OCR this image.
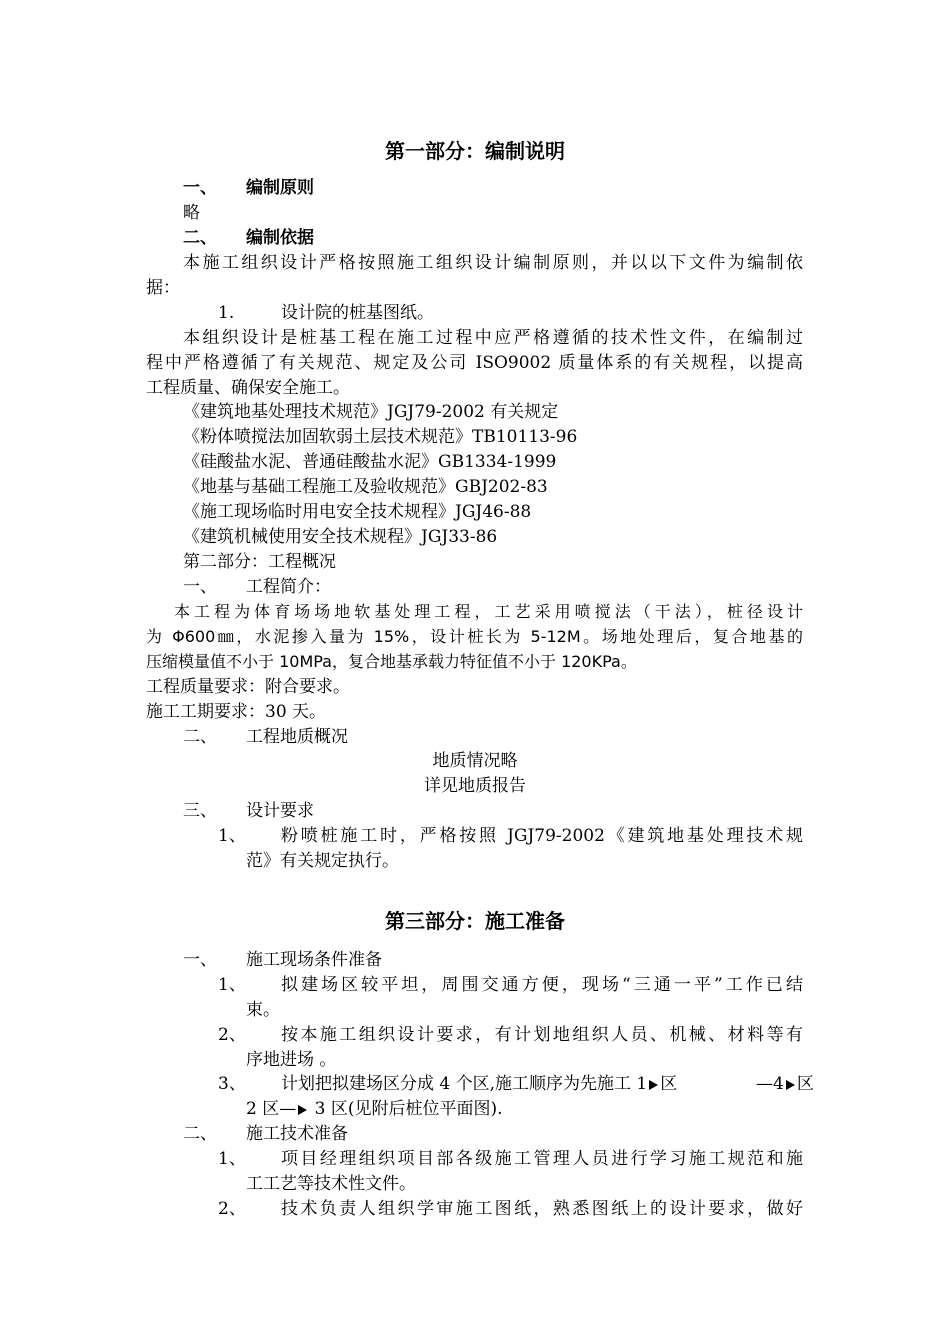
第一部分：编制说明
一、 编制原则
略
二、 编制依据
本施工组织设计严格按照施工组织设计编制原则，并以以下文件为编制依
据：
1.	设计院的桩基图纸。
本组织设计是桩基工程在施工过程中应严格遵循的技术性文件，在编制过
程中严格遵循了有关规范、规定及公司 ISO9002 质量体系的有关规程，以提高
工程质量、确保安全施工。
《建筑地基处理技术规范》JGJ79-2002 有关规定
《粉体喷搅法加固软弱土层技术规范》TB10113-96
《硅酸盐水泥、普通硅酸盐水泥》GB1334-1999
《地基与基础工程施工及验收规范》GBJ202-83
《施工现场临时用电安全技术规程》JGJ46-88
《建筑机械使用安全技术规程》JGJ33-86
第二部分：工程概况
一、 工程简介：
本工程为体育场场地软基处理工程，工艺采用喷搅法（干法），桩径设计
为 Φ600㎜，水泥掺入量为 15%，设计桩长为 5-12M。场地处理后，复合地基的
压缩模量值不小于 10MPa，复合地基承载力特征值不小于 120KPa。
工程质量要求：附合要求。
施工工期要求：30 天。
二、 工程地质概况
地质情况略
详见地质报告
三、 设计要求
1、 粉喷桩施工时，严格按照 JGJ79-2002《建筑地基处理技术规
范》有关规定执行。
第三部分：施工准备
一、 施工现场条件准备
1、 拟建场区较平坦，周围交通方便，现场“三通一平”工作已结
束。
2、 按本施工组织设计要求，有计划地组织人员、机械、材料等有
序地进场 。
3、 计划把拟建场区分成 4 个区,施工顺序为先施工 1 区	—4 区
2 区— 3 区(见附后桩位平面图).
二、 施工技术准备
1、 项目经理组织项目部各级施工管理人员进行学习施工规范和施
工工艺等技术性文件。
2、 技术负责人组织学审施工图纸，熟悉图纸上的设计要求，做好
